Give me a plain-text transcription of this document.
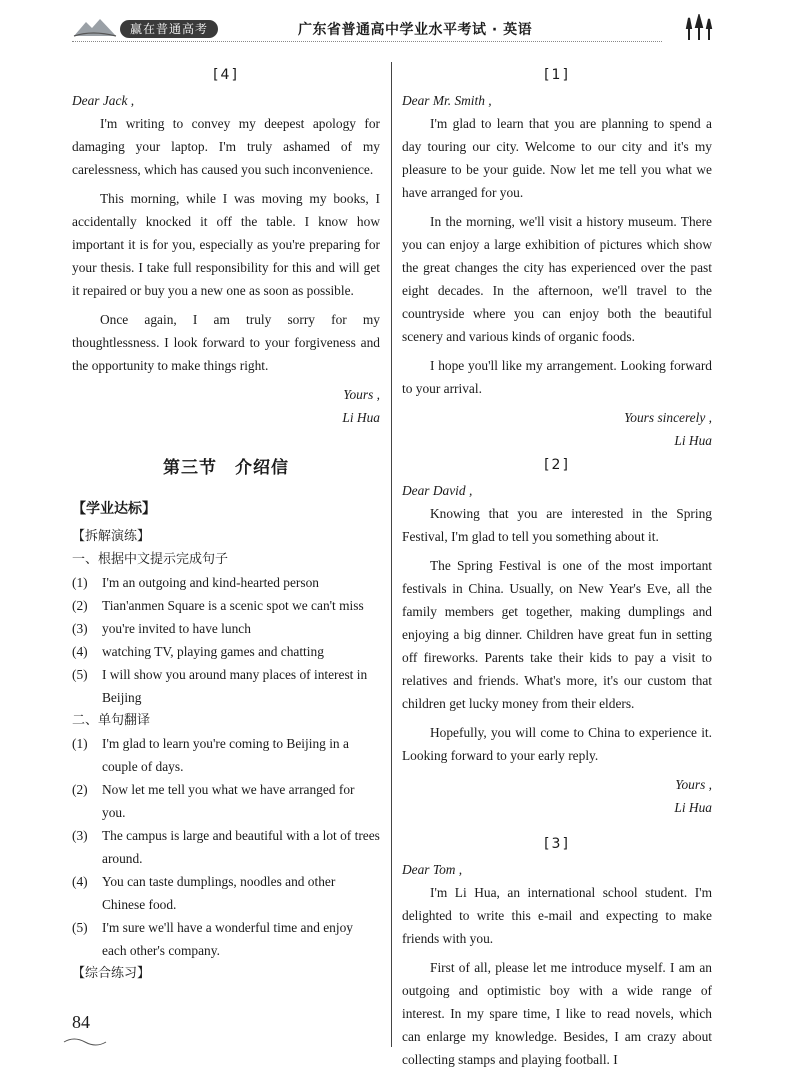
赢在普通高考	广东省普通高中学业水平考试 · 英语
[4]
Dear Jack ,

I'm writing to convey my deepest apology for damaging your laptop. I'm truly ashamed of my carelessness, which has caused you such inconvenience.

This morning, while I was moving my books, I accidentally knocked it off the table. I know how important it is for you, especially as you're preparing for your thesis. I take full responsibility for this and will get it repaired or buy you a new one as soon as possible.

Once again, I am truly sorry for my thoughtlessness. I look forward to your forgiveness and the opportunity to make things right.

Yours ,
Li Hua
第三节　介绍信
【学业达标】
【拆解演练】
一、根据中文提示完成句子
(1) I'm an outgoing and kind-hearted person
(2) Tian'anmen Square is a scenic spot we can't miss
(3) you're invited to have lunch
(4) watching TV, playing games and chatting
(5) I will show you around many places of interest in Beijing
二、单句翻译
(1) I'm glad to learn you're coming to Beijing in a couple of days.
(2) Now let me tell you what we have arranged for you.
(3) The campus is large and beautiful with a lot of trees around.
(4) You can taste dumplings, noodles and other Chinese food.
(5) I'm sure we'll have a wonderful time and enjoy each other's company.
【综合练习】
[1]
Dear Mr. Smith ,

I'm glad to learn that you are planning to spend a day touring our city. Welcome to our city and it's my pleasure to be your guide. Now let me tell you what we have arranged for you.

In the morning, we'll visit a history museum. There you can enjoy a large exhibition of pictures which show the great changes the city has experienced over the past eight decades. In the afternoon, we'll travel to the countryside where you can enjoy both the beautiful scenery and various kinds of organic foods.

I hope you'll like my arrangement. Looking forward to your arrival.

Yours sincerely ,
Li Hua
[2]
Dear David ,

Knowing that you are interested in the Spring Festival, I'm glad to tell you something about it.

The Spring Festival is one of the most important festivals in China. Usually, on New Year's Eve, all the family members get together, making dumplings and enjoying a big dinner. Children have great fun in setting off fireworks. Parents take their kids to pay a visit to relatives and friends. What's more, it's our custom that children get lucky money from their elders.

Hopefully, you will come to China to experience it. Looking forward to your early reply.

Yours ,
Li Hua
[3]
Dear Tom ,

I'm Li Hua, an international school student. I'm delighted to write this e-mail and expecting to make friends with you.

First of all, please let me introduce myself. I am an outgoing and optimistic boy with a wide range of interest. In my spare time, I like to read novels, which can enlarge my knowledge. Besides, I am crazy about collecting stamps and playing football. I

84
